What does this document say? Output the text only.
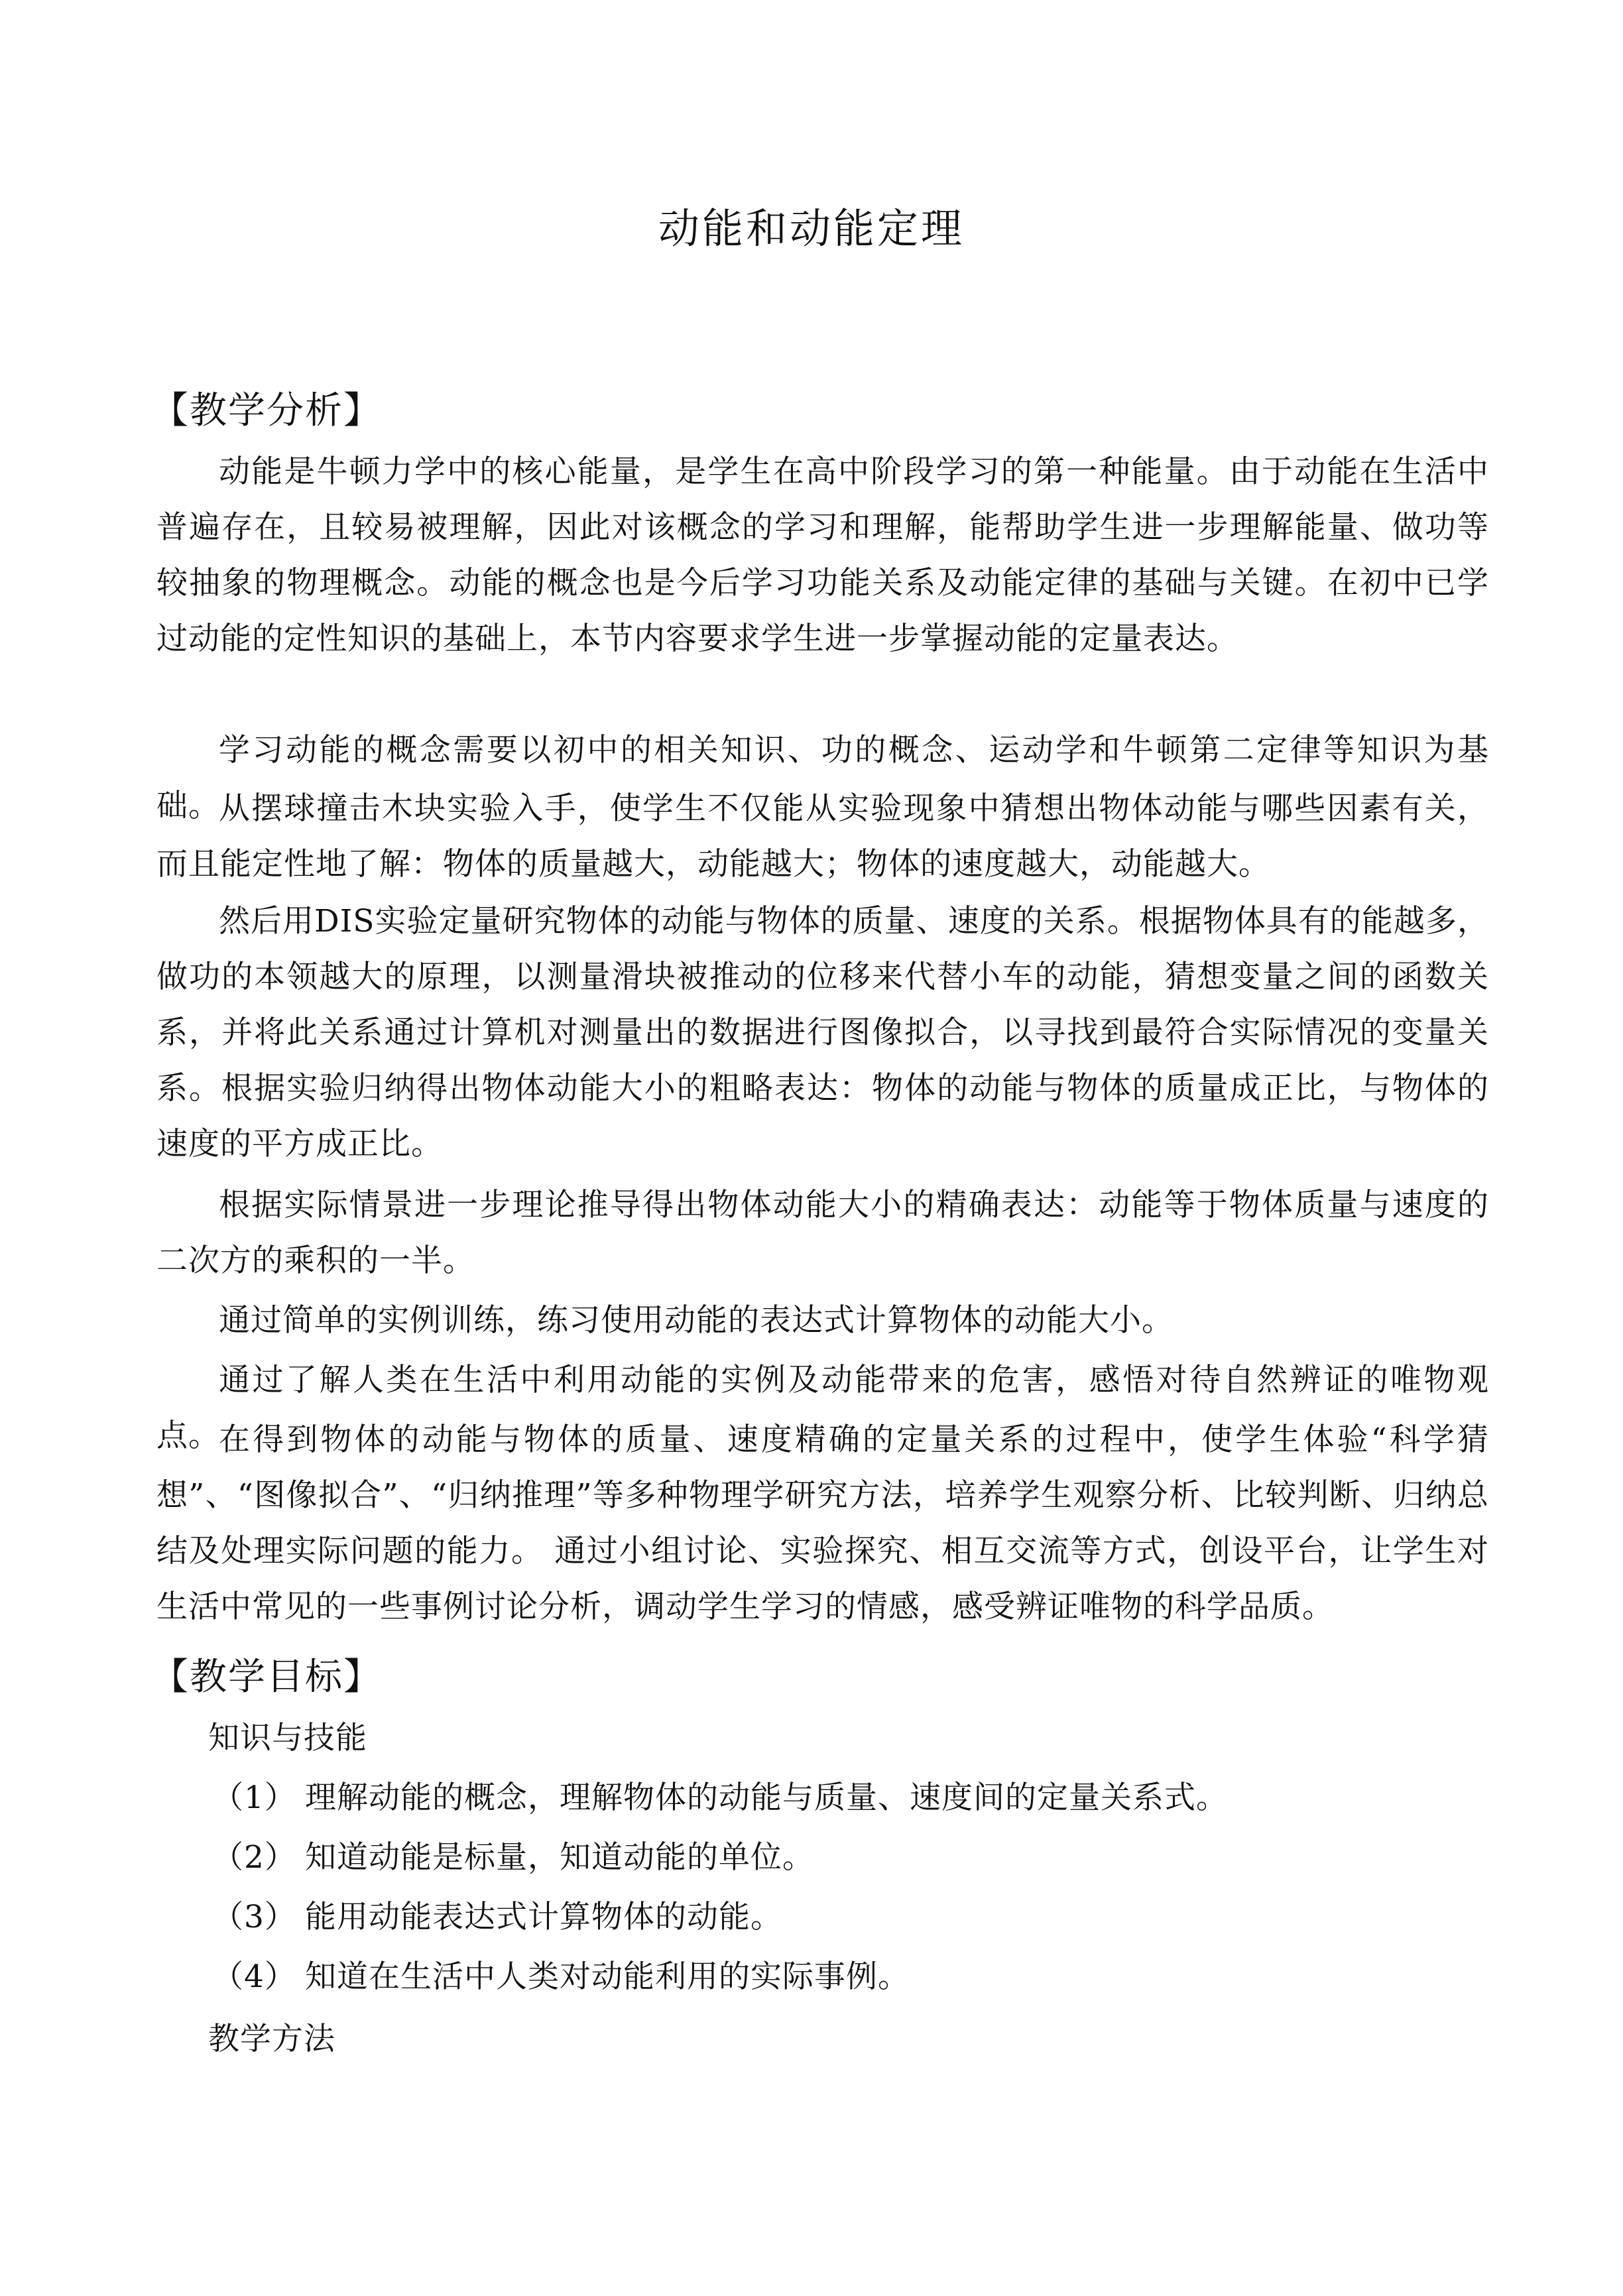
动能和动能定理
【教学分析】

动能是牛顿力学中的核心能量，是学生在高中阶段学习的第一种能量。由于动能在生活中普遍存在，且较易被理解，因此对该概念的学习和理解，能帮助学生进一步理解能量、做功等较抽象的物理概念。动能的概念也是今后学习功能关系及动能定律的基础与关键。在初中已学过动能的定性知识的基础上，本节内容要求学生进一步掌握动能的定量表达。

学习动能的概念需要以初中的相关知识、功的概念、运动学和牛顿第二定律等知识为基础。

从摆球撞击木块实验入手，使学生不仅能从实验现象中猜想出物体动能与哪些因素有关，而且能定性地了解：物体的质量越大，动能越大；物体的速度越大，动能越大。

然后用DIS实验定量研究物体的动能与物体的质量、速度的关系。根据物体具有的能越多，做功的本领越大的原理，以测量滑块被推动的位移来代替小车的动能，猜想变量之间的函数关系，并将此关系通过计算机对测量出的数据进行图像拟合，以寻找到最符合实际情况的变量关系。根据实验归纳得出物体动能大小的粗略表达：物体的动能与物体的质量成正比，与物体的速度的平方成正比。

根据实际情景进一步理论推导得出物体动能大小的精确表达：动能等于物体质量与速度的二次方的乘积的一半。

通过简单的实例训练，练习使用动能的表达式计算物体的动能大小。

通过了解人类在生活中利用动能的实例及动能带来的危害，感悟对待自然辨证的唯物观点。

在得到物体的动能与物体的质量、速度精确的定量关系的过程中，使学生体验“科学猜想”、“图像拟合”、“归纳推理”等多种物理学研究方法，培养学生观察分析、比较判断、归纳总结及处理实际问题的能力。 通过小组讨论、实验探究、相互交流等方式，创设平台，让学生对生活中常见的一些事例讨论分析，调动学生学习的情感，感受辨证唯物的科学品质。

【教学目标】
知识与技能
（1） 理解动能的概念，理解物体的动能与质量、速度间的定量关系式。
（2） 知道动能是标量，知道动能的单位。
（3） 能用动能表达式计算物体的动能。
（4） 知道在生活中人类对动能利用的实际事例。
教学方法
